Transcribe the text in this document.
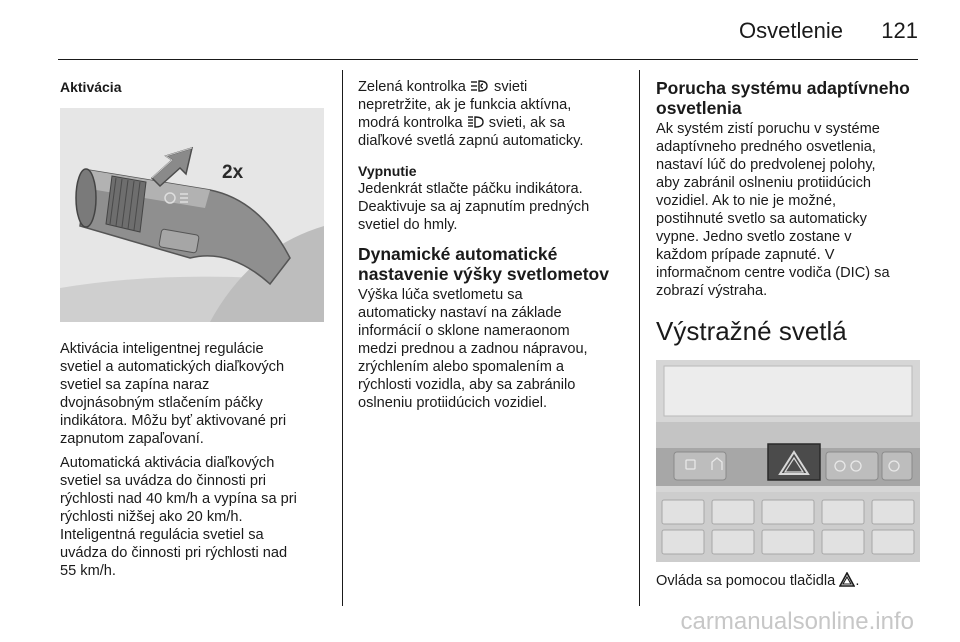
Osvetlenie 121
Aktivácia
2x

Aktivácia inteligentnej regulácie
svetiel a automatických diaľkových
svetiel sa zapína naraz
dvojnásobným stlačením páčky
indikátora. Môžu byť aktivované pri
zapnutom zapaľovaní.

Automatická aktivácia diaľkových
svetiel sa uvádza do činnosti pri
rýchlosti nad 40 km/h a vypína sa pri
rýchlosti nižšej ako 20 km/h.
Inteligentná regulácia svetiel sa
uvádza do činnosti pri rýchlosti nad
55 km/h.

Zelená kontrolka svieti
nepretržite, ak je funkcia aktívna,
modrá kontrolka svieti, ak sa
diaľkové svetlá zapnú automaticky.

Vypnutie

Jedenkrát stlačte páčku indikátora.
Deaktivuje sa aj zapnutím predných
svetiel do hmly.

Dynamické automatické
nastavenie výšky svetlometov

Výška lúča svetlometu sa
automaticky nastaví na základe
informácií o sklone nameraonom
medzi prednou a zadnou nápravou,
zrýchlením alebo spomalením a
rýchlosti vozidla, aby sa zabránilo
oslneniu protiidúcich vozidiel.

Porucha systému adaptívneho
osvetlenia

Ak systém zistí poruchu v systéme
adaptívneho predného osvetlenia,
nastaví lúč do predvolenej polohy,
aby zabránil oslneniu protiidúcich
vozidiel. Ak to nie je možné,
postihnuté svetlo sa automaticky
vypne. Jedno svetlo zostane v
každom prípade zapnuté. V
informačnom centre vodiča (DIC) sa
zobrazí výstraha.

Výstražné svetlá

Ovláda sa pomocou tlačidla .

carmanualsonline.info
